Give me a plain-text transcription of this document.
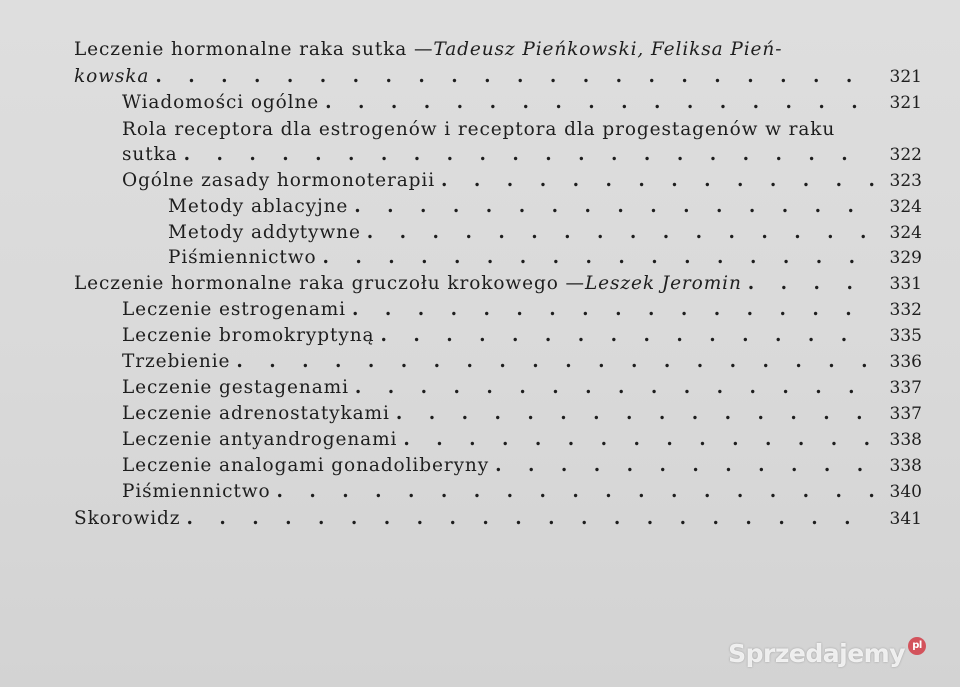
Leczenie hormonalne raka sutka — Tadeusz Pieńkowski, Feliksa Pień-
kowska . . .	321
Wiadomości ogólne . . .	321
Rola receptora dla estrogenów i receptora dla progestagenów w raku
sutka . . .	322
Ogólne zasady hormonoterapii . . .	323
Metody ablacyjne . . .	324
Metody addytywne . . .	324
Piśmiennictwo . . .	329
Leczenie hormonalne raka gruczołu krokowego — Leszek Jeromin . . .	331
Leczenie estrogenami . . .	332
Leczenie bromokryptyną . . .	335
Trzebienie . . .	336
Leczenie gestagenami . . .	337
Leczenie adrenostatykami . . .	337
Leczenie antyandrogenami . . .	338
Leczenie analogami gonadoliberyny . . .	338
Piśmiennictwo . . .	340
Skorowidz . . .	341
Sprzedajemy pl
